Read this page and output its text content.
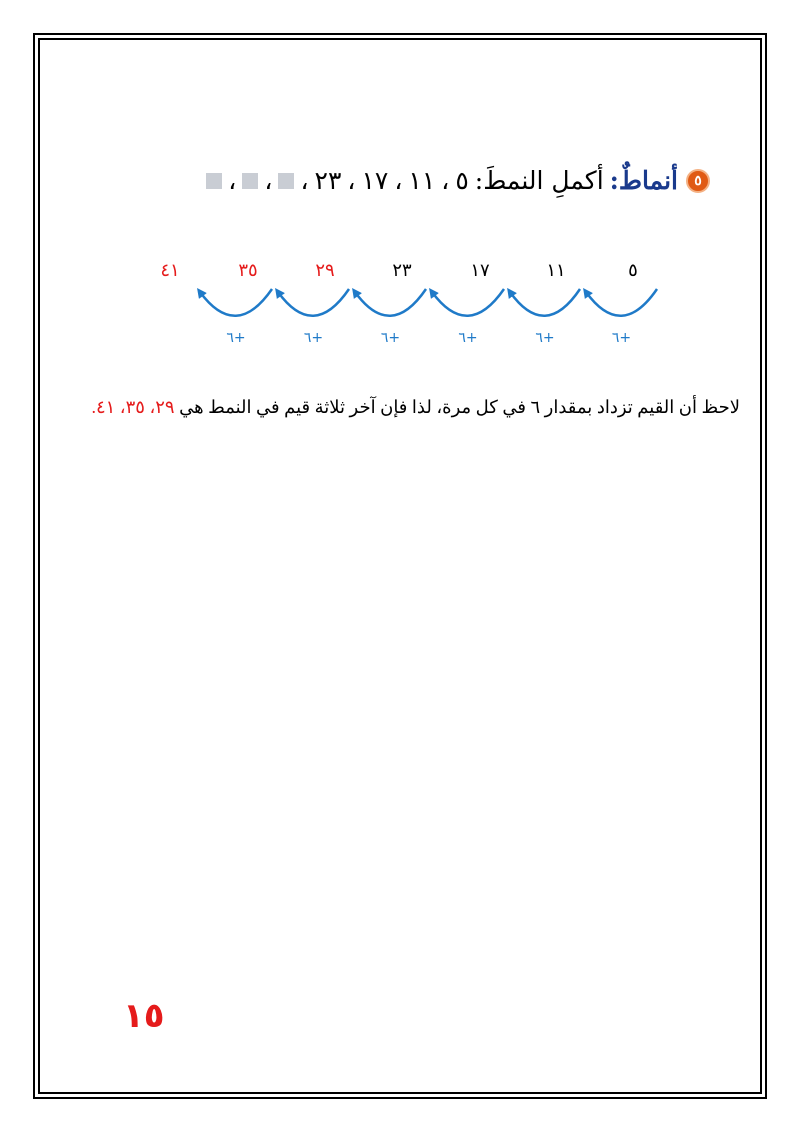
٥
أنماطٌ:
أكملِ النمطَ:
٥
،
١١
،
١٧
،
٢٣
،
،
،
٥
١١
١٧
٢٣
٢٩
٣٥
٤١
٦+
٦+
٦+
٦+
٦+
٦+
لاحظ أن القيم تزداد بمقدار ٦ في كل مرة، لذا فإن آخر ثلاثة قيم في النمط هي ٢٩، ٣٥، ٤١.
١٥
